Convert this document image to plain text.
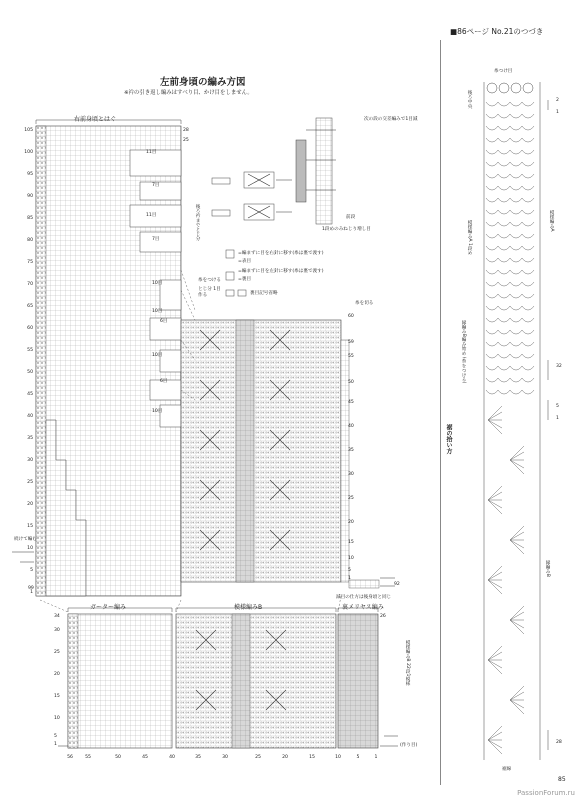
■86ページ No.21のつづき
左前身頃の編み方図
※衿の引き返し編みはすべり目、かけ目をしません。
105
100
95
90
85
80
75
70
65
60
55
50
45
40
35
30
25
20
15
10
5
1
56	55	50	45	40	35	30	25	20	15	10	5	1
右前身頃とはぐ
ガーター編み	模様編みB	裏メリヤス編み
減目の仕方は後身頃と同じ
続けて編む
糸をつける
後ろ衿までとじ分
とじ分 1目作る
糸を切る
(作り目)
前段
1段めのみねじり増し目
次の段の交差編みで1目減
=編まずに目を右針に移す(糸は裏で渡す)
=表目
=編まずに目を左針に移す(糸は裏で渡す)
=裏目
裏目記号省略
11目
7目
11目
7目
10目
10目
6目
10目
6目
10目
60
59
55
50
45
40
35
30
25
20
15
10
5
1
34
30
25
20
15
10
5
1
99
92
28
25
26
模様編みB 22段1模様
裾の拾い方
後ろ中央
糸つけ目
模様編みA
模様編みA 1段め
縁編みB編み始め (糸をつける)
縁編みB
裾線
2
1
32
5
1
28
85
PassionForum.ru
